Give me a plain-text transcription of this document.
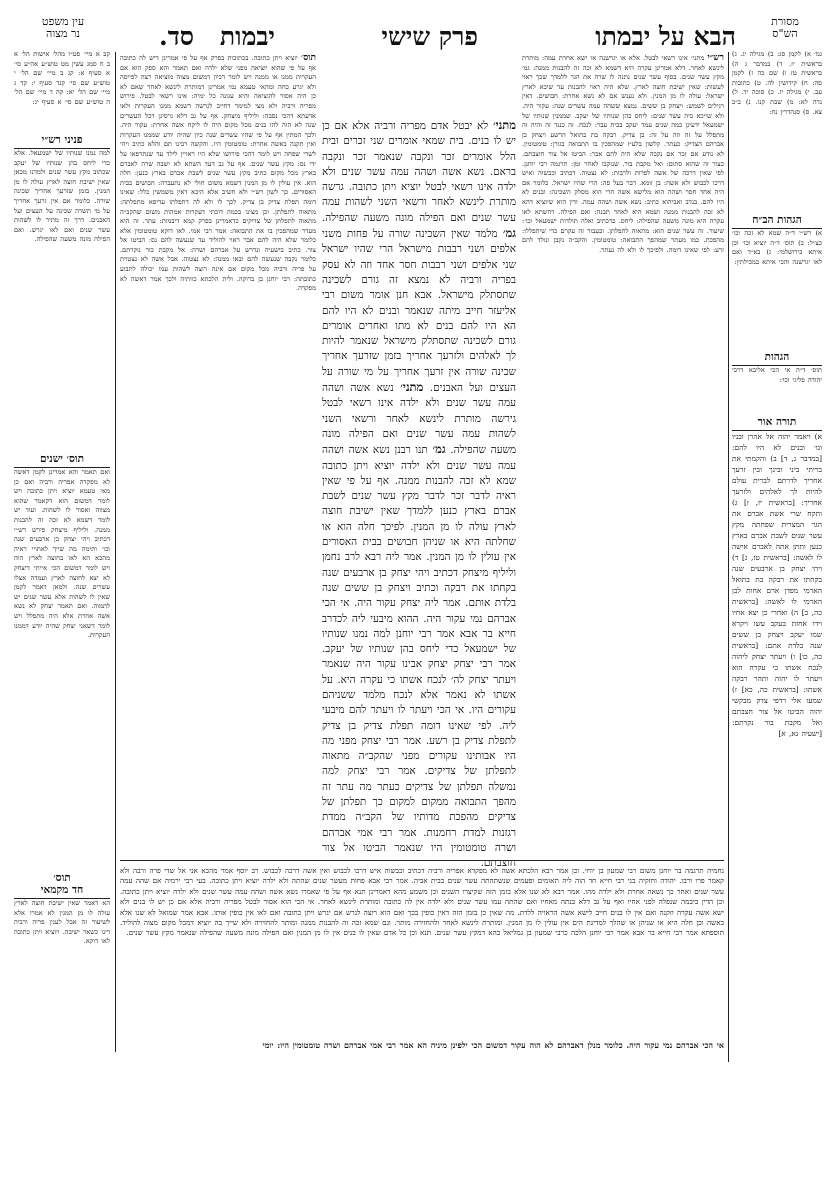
מסורת
הש"ס
הבא על יבמתו
פרק שישי
יבמות
סד.
עין משפט
נר מצוה
גמ׳ א) לקמן סג: ב) מגילה יג. ג) בראשית יז. ד) במדבר ג ה) בראשית טז ו) שם כה ז) לקמן סה: ח) קידושין לה. ט) כתובות עב. י) מגילה יז. כ) סוכה יד. ל) נדה לא: מ) שבת קנו. נ) ב״ב צא. ס) סנהדרין נח:
הגהות הב״ח
א) רש״י ד״ה שמא לא זכה וכו׳ כצ״ל: ב) תוס׳ ד״ה יוציא וכו׳ וכן איתא בירושלמי: ג) בא״ד ואם לאו יגרשנה והכי איתא במכילתין:
הגהות
תוס׳ ד״ה אי הכי אליבא דרבי יהודה פליגי וכו׳:
תורה אור
א) ויאמר יהוה אל אהרן ובניו וגו׳ ובנים לא היו להם: [במדבר ג, ד] ב) והקמתי את בריתי ביני ובינך ובין זרעך אחריך לדרתם לברית עולם להיות לך לאלהים ולזרעך אחריך: [בראשית יז, ז] ג) ותקח שרי אשת אברם את הגר המצרית שפחתה מקץ עשר שנים לשבת אברם בארץ כנען ותתן אתה לאברם אישה לו לאשה: [בראשית טז, ג] ד) ויהי יצחק בן ארבעים שנה בקחתו את רבקה בת בתואל הארמי מפדן ארם אחות לבן הארמי לו לאשה: [בראשית כה, כ] ה) ואחרי כן יצא אחיו וידו אחזת בעקב עשו ויקרא שמו יעקב ויצחק בן ששים שנה בלדת אתם: [בראשית כה, כו] ו) ויעתר יצחק ליהוה לנכח אשתו כי עקרה הוא ויעתר לו יהוה ותהר רבקה אשתו: [בראשית כה, כא] ז) שמעו אלי רדפי צדק מבקשי יהוה הביטו אל צור חצבתם ואל מקבת בור נקרתם: [ישעיה נא, א]
קב א מיי׳ פט״ו מהל׳ אישות הל׳ א ב ח סמג עשין מט טוש״ע אה״ע סי׳ א סעיף א: קג ב מיי׳ שם הל׳ י טוש״ע שם סי׳ קנד סעיף י: קד ג מיי׳ שם הל׳ יא: קה ד מיי׳ שם הל׳ ה טוש״ע שם סי׳ א סעיף יג:
פניני רש״י
למה נמנו שנותיו של ישמעאל. אלא כדי ליחס בהן שנותיו של יעקב שכתוב מקץ עשר שנים ולמדנו מכאן שאין ישיבת חוצה לארץ עולה לו מן המנין. בזמן שזרעך אחריך שכינה שורה. כלומר אם אין זרעך אחריך על מי תשרה שכינה על העצים ועל האבנים. דרך זה מתיר לו לשהות עשר שנים ואם לאו יגרש. ואם הפילה מונה משעה שהפילה.
תוס׳ ישנים
ואם תאמר והא אמרינן לקמן דאשה לא מפקדה אפריה ורביה ואם כן מאי טעמא יוציא ויתן כתובה ויש לומר דמשום הוא דקאמר שהוא מצווה ואסור לו לשהות. ועוד יש לומר דשמא לא זכה זה להבנות ממנה. וליליף מיצחק פירש רש״י דכתיב ויהי יצחק בן ארבעים שנה וכו׳ ותימה מה שייך לאתויי ראיה מהכא הא לאו בחוצה לארץ הוה ויש לומר דמשום הכי אייתי דיצחק לא יצא לחוצה לארץ ועמדה אצלו עשרים שנה. ולמאן דאמר לקמן שאין לו לשהות אלא עשר שנים יש לתמוה. ואם תאמר יצחק לא נשא אשה אחרת אלא היה מתפלל ויש לומר דשאני יצחק שהיה יודע דממנו העקרות.
תוס׳
חד מקמאי
הא דאמר שאין ישיבת חוצה לארץ עולה לו מן המנין לא אמרו אלא לשיעור זה אבל לענין פריה ורביה דינו כשאר ישיבה. ויוציא ויתן כתובה לאו דוקא.
תוס׳ יוציא ויתן כתובה. בכתובות בפרק אף על פי אמרינן דיש לה כתובה אף על פי שהוא יוציאה מפני שלא ילדה ואם תאמר והא ספק הוא אם העקרות ממנו או ממנה ויש לומר דכיון דמשום מצוה מוציאה רצה לפייסה ולא יגרע כחה ומהאי טעמא נמי אמרינן דמותרת לינשא לאחר שאם לא כן היה אסור להוציאה והיא עגונה כל ימיה: אינו רשאי לבטל. פירוש מפריה ורביה ולא מצי למימר דחייב לגרשה דשמא ממנו העקרות ולאו אדעתא דהכי נסבה: וליליף מיצחק. אף על גב דלא גרסינן דכל העשרים שנה לא הוה להו בנים מכל מקום היה לו ליקח אשה אחרת: עקור היה. ולכך המתין אף על פי שהיו עשרים שנה כיון שהיה יודע שממנו העקרות ואין תקנה באשה אחרת: טומטומין היו. והקשה רבינו תם והלא כתיב ויהי לשרי שפחה ויש לומר דהכי פירושו שלא היו ראויין לילד עד שנתרפאו על ידי נס: מקץ עשר שנים. אף על גב דעד השתא לא ישבה שרה לאברם בארץ מכל מקום כתיב מקץ עשר שנים לשבת אברם בארץ כנען: חלה הוא. אין עולין לו מן המנין דשמא משום חולי לא נתעברה: חבושים בבית האסורים. כך לשון רש״י ולא חשיב אלא היכא דאין משמשין כלל: שאינו דומה תפלת צדיק בן צדיק. לכך לו ולא לה דתפלתו עדיפא מתפלתה: מתאוה לתפלתן. וכן מצינו בכמה דוכתי דעקרות אמהות משום שהקב״ה מתאוה לתפלתן של צדיקים כדאמרינן בפרק קמא דיבמות: עתר. זה הוא מעדר שמהפכין בו את התבואה: אמר רבי אמי. לאו דוקא טומטומין אלא כלומר שלא היה להם אבר ראוי להוליד עד שנעשה להם נס: הביטו אל צור. כתיב בישעיה ונדרש על אברהם ושרה: אל מקבת בור נוקרתם. כלומר נקבה שנעשה להם ובאו ממנה: לא נצטוה. אבל אשה לא נצטוית על פריה ורביה מכל מקום אם אינה רוצה לשהות עמו יכולה לתבוע כתובתה: רבי יוחנן בן ברוקה. ולית הלכתא כוותיה ולכך אמר דאשה לא מפקדה.
רש״י מתני׳ אינו רשאי לבטל. אלא או יגרשנה או ישא אחרת עמה: מותרת לינשא לאחר. דלא אמרינן עקרה היא דשמא לא זכה זה להבנות ממנה: גמ׳ מקץ עשר שנים. בסוף עשר שנים נתנה לו שרה את הגר ללמדך שכך ראוי לעשות: שאין ישיבת חוצה לארץ. שלא היה ראוי להבנות עד שיבא לארץ ישראל: עולה לו מן המנין. ולא נענש אם לא נשא אחרת: חבושים. דאין רגילים לשמש: ויצחק בן ששים. נמצא ששהה עמה עשרים שנה: עקור היה. ולא שייכא ביה עשר שנים: ליחס בהן שנותיו של יעקב. שממנין שנותיו של ישמעאל ידעינן כמה שנים עמד יעקב בבית עבר: לנכח. זה כנגד זה והיה זה מתפלל על זה וזה על זה: בן צדיק. רבקה בת בתואל הרשע ויצחק בן אברהם הצדיק: כעתר. קלשון בלע״ז שמהפכין בו התבואה בגורן: טומטומין. לא נודע אם זכר אם נקבה שלא היה להם אבר: הביטו אל צור חוצבתם. כצור זה שהוא סתום: ואל מקבת בור. שנוקבו לאחר זמן: תרגמה רבי יוחנן. לפי שאין דרכה של אשה לפרות ולרבות: לא נצטוה. דכתיב וכבשוה ואיש דרכו לכבוש ולא אשה: בן זומא. דבר בעל פה: הרי שהיו ישראל. כלומר אם היה אחד חסר ושהה הוא מלישא אשה הרי הוא מסלק השכינה: ובנים לא היו להם. בנדב ואביהוא כתיב: נשא אשה ושהה עמה. ודין הוא שיוציא דהא לא זכה להבנות ממנה ושמא היא לאחר תבנה: ואם הפילה. דהשתא לאו עקרה היא מונה משעה שהפילה: ליחס. כדכתיב ואלה תולדות ישמעאל וכו׳: שיעור. זה עשר שנים הוא: מתאוה לתפלתן. ובעבור זה עקרם כדי שיתפללו: מהפכת. כמו מעתר שמהפך התבואה: טומטומין. והקב״ה נקבן ונולד להם זרע: לפי שאינו דומה. ולפיכך לו ולא לה נעתר.
מתני׳ לא יבטל אדם מפריה ורביה אלא אם כן יש לו בנים. בית שמאי אומרים שני זכרים ובית הלל אומרים זכר ונקבה שנאמר זכר ונקבה בראם. נשא אשה ושהה עמה עשר שנים ולא ילדה אינו רשאי לבטל יוציא ויתן כתובה. גרשה מותרת לינשא לאחר ורשאי השני לשהות עמה עשר שנים ואם הפילה מונה משעה שהפילה. גמ׳ מלמד שאין השכינה שורה על פחות משני אלפים ושני רבבות מישראל הרי שהיו ישראל שני אלפים ושני רבבות חסר אחד וזה לא עסק בפריה ורביה לא נמצא זה גורם לשכינה שתסתלק מישראל. אבא חנן אומר משום רבי אליעזר חייב מיתה שנאמר ובנים לא היו להם הא היו להם בנים לא מתו ואחרים אומרים גורם לשכינה שתסתלק מישראל שנאמר להיות לך לאלהים ולזרעך אחריך בזמן שזרעך אחריך שכינה שורה אין זרעך אחריך על מי שורה על העצים ועל האבנים. מתני׳ נשא אשה ושהה עמה עשר שנים ולא ילדה אינו רשאי לבטל גירשה מותרת לינשא לאחר ורשאי השני לשהות עמה עשר שנים ואם הפילה מונה משעה שהפילה. גמ׳ תנו רבנן נשא אשה ושהה עמה עשר שנים ולא ילדה יוציא ויתן כתובה שמא לא זכה להבנות ממנה. אף על פי שאין ראיה לדבר זכר לדבר מקץ עשר שנים לשבת אברם בארץ כנען ללמדך שאין ישיבת חוצה לארץ עולה לו מן המנין. לפיכך חלה הוא או שחלתה היא או שניהן חבושים בבית האסורים אין עולין לו מן המנין. אמר ליה רבא לרב נחמן וליליף מיצחק דכתיב ויהי יצחק בן ארבעים שנה בקחתו את רבקה וכתיב ויצחק בן ששים שנה בלדת אותם. אמר ליה יצחק עקור היה. אי הכי אברהם נמי עקור היה. ההוא מיבעי ליה לכדרב חייא בר אבא אמר רבי יוחנן למה נמנו שנותיו של ישמעאל כדי ליחס בהן שנותיו של יעקב. אמר רבי יצחק יצחק אבינו עקור היה שנאמר ויעתר יצחק לה׳ לנכח אשתו כי עקרה היא. על אשתו לא נאמר אלא לנכח מלמד ששניהם עקורים היו. אי הכי ויעתר לו ויעתר להם מיבעי ליה. לפי שאינו דומה תפלת צדיק בן צדיק לתפלת צדיק בן רשע. אמר רבי יצחק מפני מה היו אבותינו עקורים מפני שהקב״ה מתאוה לתפלתן של צדיקים. אמר רבי יצחק למה נמשלה תפלתן של צדיקים כעתר מה עתר זה מהפך התבואה ממקום למקום כך תפלתן של צדיקים מהפכת מדותיו של הקב״ה ממדת רגזנות למדת רחמנות. אמר רבי אמי אברהם ושרה טומטומין היו שנאמר הביטו אל צור חוצבתם.
נחמיה תרגמה בר יוחנן משום רבי שמעון בן יוחי. וכן אמר רבא הלכתא אשה לא מפקדא אפריה ורביה דכתיב וכבשוה איש דרכו לכבוש ואין אשה דרכה לכבוש. רב יוסף אמר מהכא אני אל שדי פרה ורבה ולא קאמר פרו ורבו. יהודה וחזקיה בני רבי חייא חד הוה ליה תאומים ופעמים שנשתהתה עשר שנים בבית אביה. אמר רבי אבא פחות מעשר שנים שהתה ולא ילדה יוציא ויתן כתובה. בעי רבי ירמיה אם שהה עמה עשר שנים ואחר כך נשאה אחרת ולא ילדה מהו. אמר רבא לא שנו אלא בזמן הזה שקיצרו השנים וכן משמע מהא דאמרינן תנא אף על פי שאמרו נשא אשה ושהה עמה עשר שנים ולא ילדה יוציא ויתן כתובה. וכן הדין ביבמה שנפלה לפני אחיו ואף על גב דלא בנתה מאחיו ואם שהתה עמו עשר שנים ולא ילדה אין לה כתובה ומותרת לינשא לאחר. אי הכי הוא אסור לבטל מפריה ורביה אלא אם כן יש לו בנים ולא ישא אשה עקרה וזקנה ואם אין לו בנים חייב לישא אשה הראויה ללדת. מה שאין כן בזמן הזה דאין כופין בכך ואם הוא רוצה לגרש אם יגרש ויתן כתובה ואם לאו אין כופין אותו. אבא אמר שמואל לא שנו אלא באשה וכן חלה היא או שניהן או שהלך למדינת הים אין עולין לו מן המנין. ומותרת לינשא לאחר ולהחזירה מותר. וגם שמא זכה זה להבנות ממנה ומותר להחזירה ולא שייך בה יוציא דמכל מקום מצוה להוליד. תוספתא אמר רבי חייא בר אבא אמר רבי יוחנן הלכה כרבי שמעון בן גמליאל בהא דמקץ עשר שנים. תנא וכן כל אדם שאין לו בנים אין לו מן המנין ואם הפילה מונה משעה שהפילה שנאמר מקץ עשר שנים.
אי הכי אברהם נמי עקור היה. כלומר מנלן דאברהם לא הוה עקור דמשום הכי ילפינן מיניה הא אמר רבי אמי אברהם ושרה טומטומין היו: יומי
